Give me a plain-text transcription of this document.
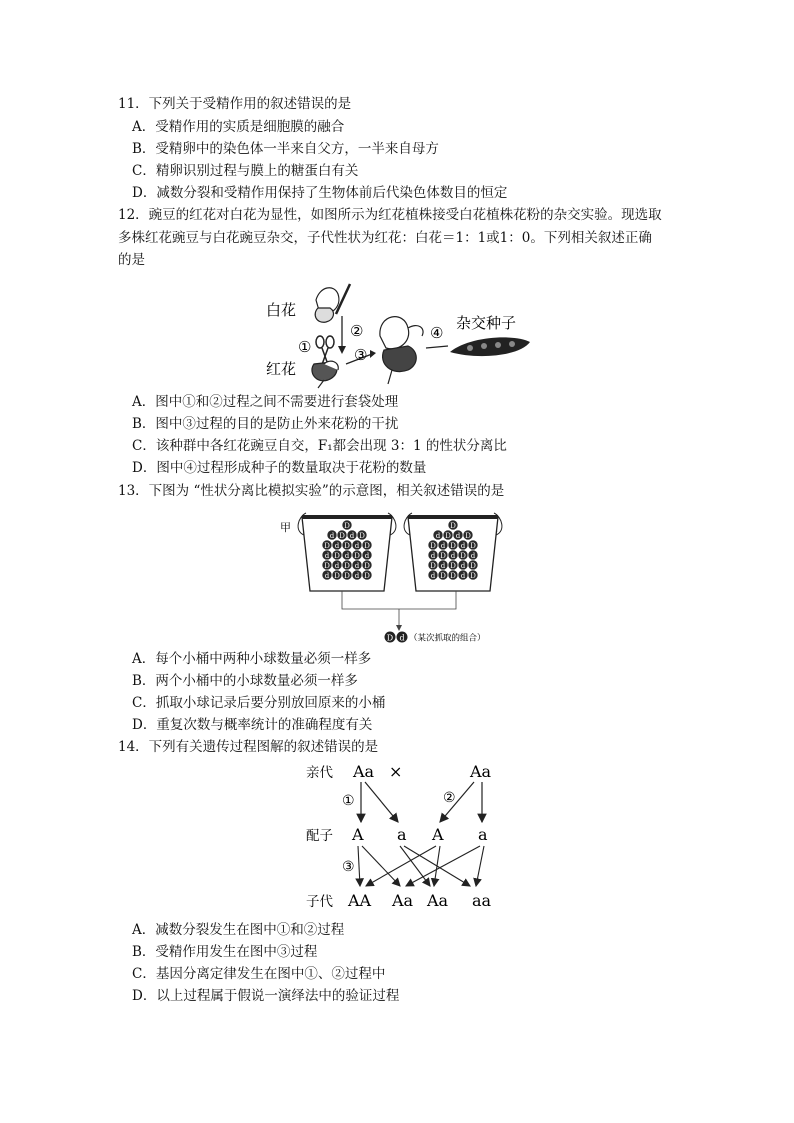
11．下列关于受精作用的叙述错误的是
A．受精作用的实质是细胞膜的融合
B．受精卵中的染色体一半来自父方，一半来自母方
C．精卵识别过程与膜上的糖蛋白有关
D．减数分裂和受精作用保持了生物体前后代染色体数目的恒定
12．豌豆的红花对白花为显性，如图所示为红花植株接受白花植株花粉的杂交实验。现选取
多株红花豌豆与白花豌豆杂交，子代性状为红花：白花＝1：1或1：0。下列相关叙述正确
的是
白花
红花
①
②
③
④
杂交种子
A．图中①和②过程之间不需要进行套袋处理
B．图中③过程的目的是防止外来花粉的干扰
C．该种群中各红花豌豆自交，F₁都会出现 3：1 的性状分离比
D．图中④过程形成种子的数量取决于花粉的数量
13．下图为 “性状分离比模拟实验”的示意图，相关叙述错误的是
甲	D
d D d D
D d D d D
d D d D d
D d D d D
d D D d D
D
d D d D
D d D d D
d D d D d
D d D d D
d D D d D
D d （某次抓取的组合）
A．每个小桶中两种小球数量必须一样多
B．两个小桶中的小球数量必须一样多
C．抓取小球记录后要分别放回原来的小桶
D．重复次数与概率统计的准确程度有关
14．下列有关遗传过程图解的叙述错误的是
亲代 Aa ×	Aa
配子 A a A a
①	②
③
子代 AA Aa Aa aa
A．减数分裂发生在图中①和②过程
B．受精作用发生在图中③过程
C．基因分离定律发生在图中①、②过程中
D．以上过程属于假说一演绎法中的验证过程
